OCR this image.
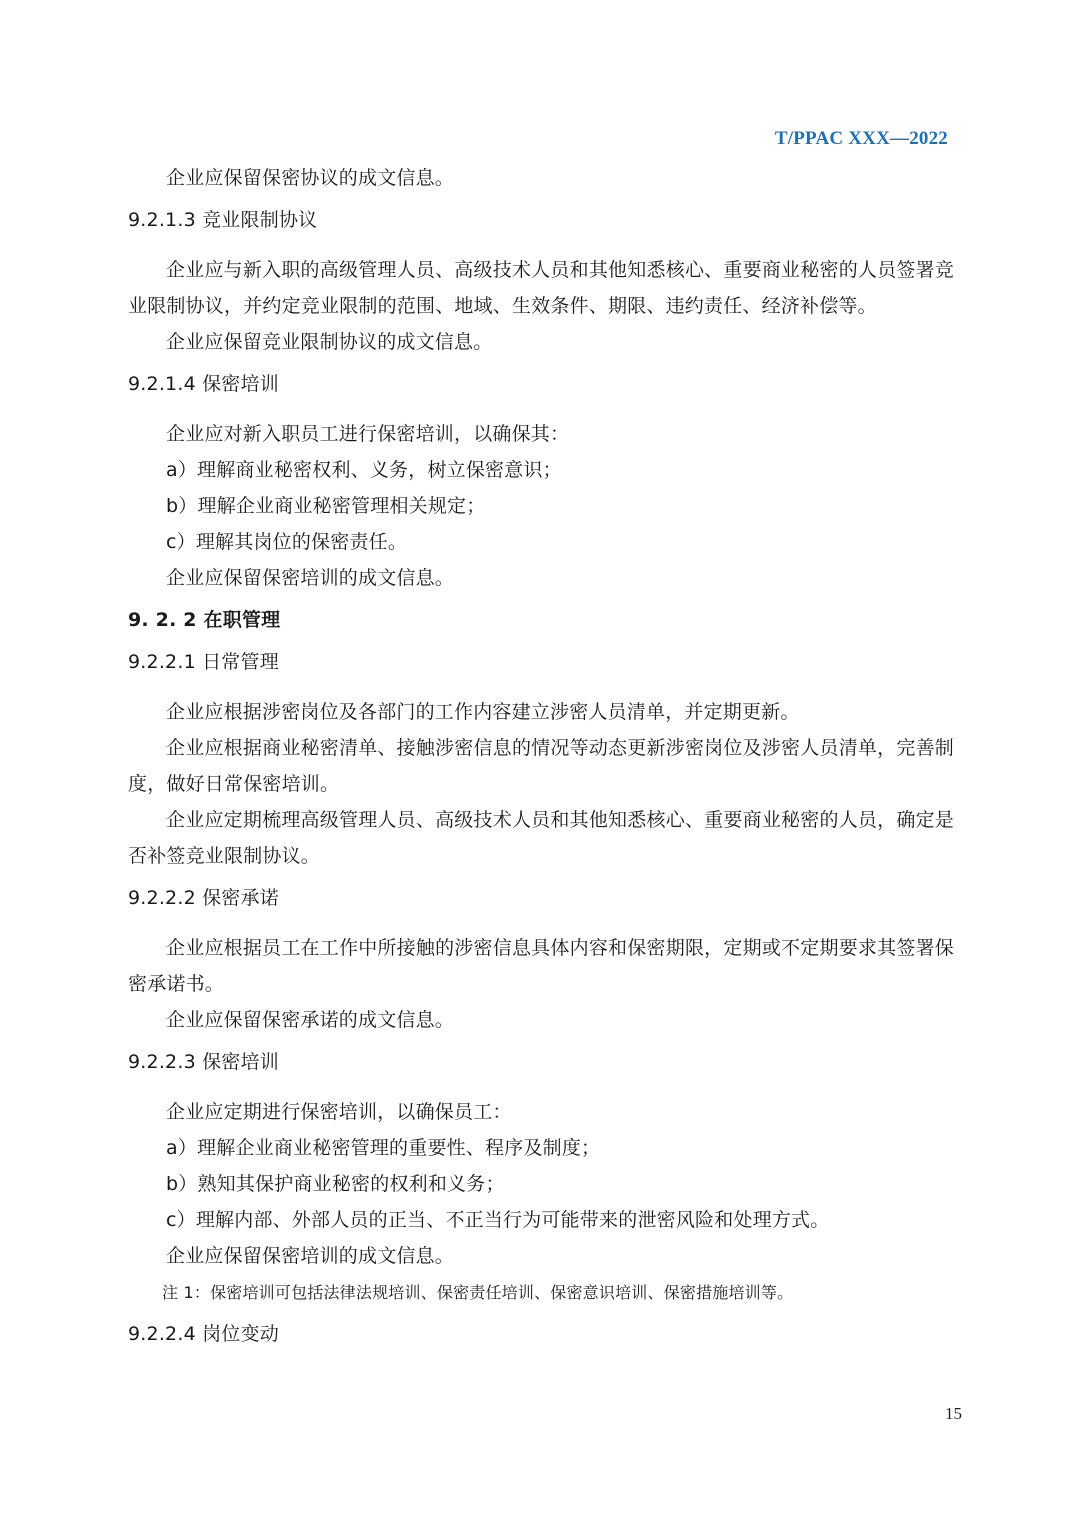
T/PPAC XXX—2022

企业应保留保密协议的成文信息。

9.2.1.3 竞业限制协议

企业应与新入职的高级管理人员、高级技术人员和其他知悉核心、重要商业秘密的人员签署竞业限制协议，并约定竞业限制的范围、地域、生效条件、期限、违约责任、经济补偿等。

企业应保留竞业限制协议的成文信息。

9.2.1.4 保密培训

企业应对新入职员工进行保密培训，以确保其：

a）理解商业秘密权利、义务，树立保密意识；

b）理解企业商业秘密管理相关规定；

c）理解其岗位的保密责任。

企业应保留保密培训的成文信息。

9. 2. 2 在职管理
9.2.2.1 日常管理

企业应根据涉密岗位及各部门的工作内容建立涉密人员清单，并定期更新。

企业应根据商业秘密清单、接触涉密信息的情况等动态更新涉密岗位及涉密人员清单，完善制度，做好日常保密培训。

企业应定期梳理高级管理人员、高级技术人员和其他知悉核心、重要商业秘密的人员，确定是否补签竞业限制协议。

9.2.2.2 保密承诺

企业应根据员工在工作中所接触的涉密信息具体内容和保密期限，定期或不定期要求其签署保密承诺书。

企业应保留保密承诺的成文信息。

9.2.2.3 保密培训

企业应定期进行保密培训，以确保员工：

a）理解企业商业秘密管理的重要性、程序及制度；

b）熟知其保护商业秘密的权利和义务；

c）理解内部、外部人员的正当、不正当行为可能带来的泄密风险和处理方式。

企业应保留保密培训的成文信息。

注 1：保密培训可包括法律法规培训、保密责任培训、保密意识培训、保密措施培训等。
9.2.2.4 岗位变动
15
